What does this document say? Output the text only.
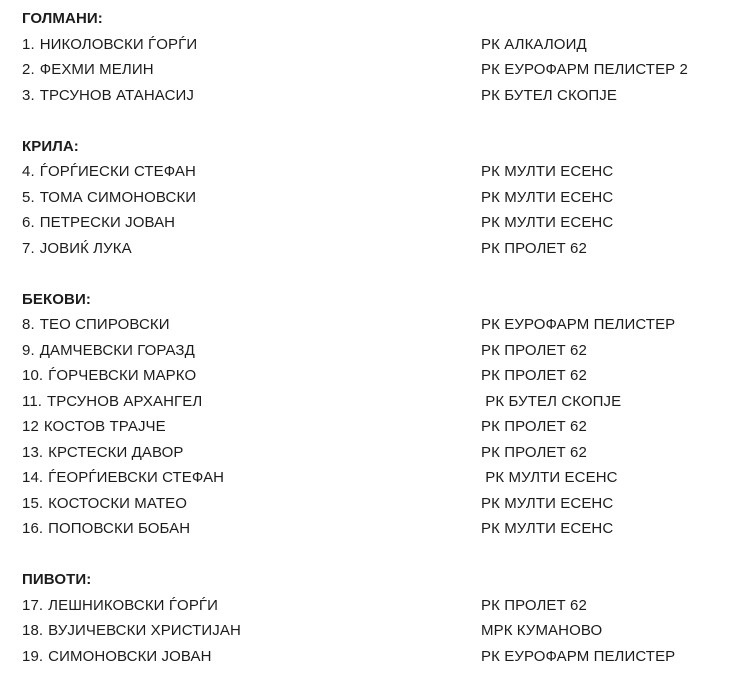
ГОЛМАНИ:
1. НИКОЛОВСКИ ЃОРЃИ	РК АЛКАЛОИД
2. ФЕХМИ МЕЛИН	РК ЕУРОФАРМ ПЕЛИСТЕР 2
3. ТРСУНОВ АТАНАСИЈ	РК БУТЕЛ СКОПЈЕ
КРИЛА:
4. ЃОРЃИЕСКИ СТЕФАН	РК МУЛТИ ЕСЕНС
5. ТОМА СИМОНОВСКИ	РК МУЛТИ ЕСЕНС
6. ПЕТРЕСКИ ЈОВАН	РК МУЛТИ ЕСЕНС
7. ЈОВИЌ ЛУКА	РК ПРОЛЕТ 62
БЕКОВИ:
8. ТЕО СПИРОВСКИ	РК ЕУРОФАРМ ПЕЛИСТЕР
9. ДАМЧЕВСКИ ГОРАЗД	РК ПРОЛЕТ 62
10. ЃОРЧЕВСКИ МАРКО	РК ПРОЛЕТ 62
11. ТРСУНОВ АРХАНГЕЛ	РК БУТЕЛ СКОПЈЕ
12 КОСТОВ ТРАЈЧЕ	РК ПРОЛЕТ 62
13. КРСТЕСКИ ДАВОР	РК ПРОЛЕТ 62
14. ЃЕОРЃИЕВСКИ СТЕФАН	РК МУЛТИ ЕСЕНС
15. КОСТОСКИ МАТЕО	РК МУЛТИ ЕСЕНС
16. ПОПОВСКИ БОБАН	РК МУЛТИ ЕСЕНС
ПИВОТИ:
17. ЛЕШНИКОВСКИ ЃОРЃИ	РК ПРОЛЕТ 62
18. ВУЈИЧЕВСКИ ХРИСТИЈАН	МРК КУМАНОВО
19. СИМОНОВСКИ ЈОВАН	РК ЕУРОФАРМ ПЕЛИСТЕР
